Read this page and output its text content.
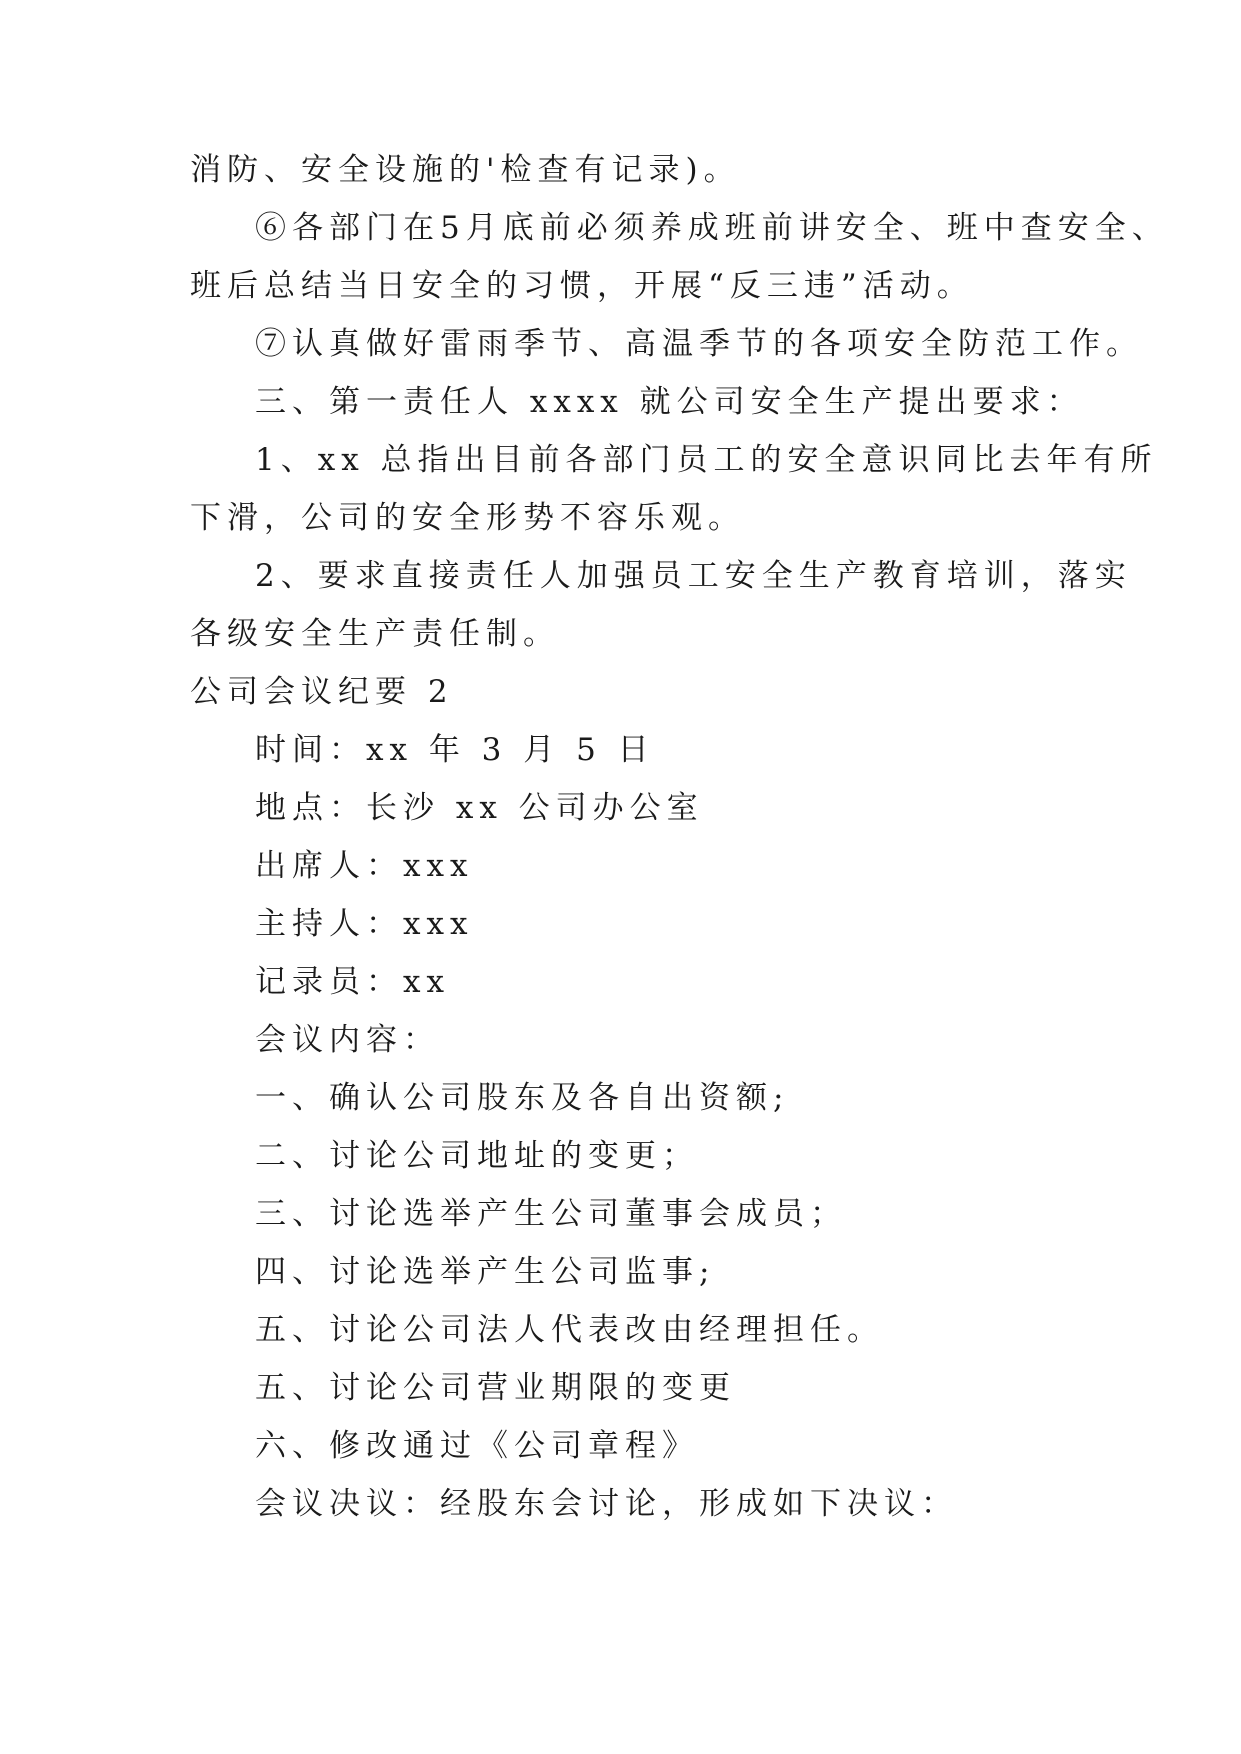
消防、安全设施的'检查有记录)。

⑥各部门在5月底前必须养成班前讲安全、班中查安全、

班后总结当日安全的习惯，开展“反三违”活动。

⑦认真做好雷雨季节、高温季节的各项安全防范工作。

三、第一责任人 xxxx 就公司安全生产提出要求：

1、xx 总指出目前各部门员工的安全意识同比去年有所

下滑，公司的安全形势不容乐观。

2、要求直接责任人加强员工安全生产教育培训，落实

各级安全生产责任制。

公司会议纪要 2

时间：xx 年 3 月 5 日

地点：长沙 xx 公司办公室

出席人：xxx

主持人：xxx

记录员：xx

会议内容：

一、确认公司股东及各自出资额;

二、讨论公司地址的变更；

三、讨论选举产生公司董事会成员；

四、讨论选举产生公司监事;

五、讨论公司法人代表改由经理担任。

五、讨论公司营业期限的变更

六、修改通过《公司章程》

会议决议：经股东会讨论，形成如下决议：
